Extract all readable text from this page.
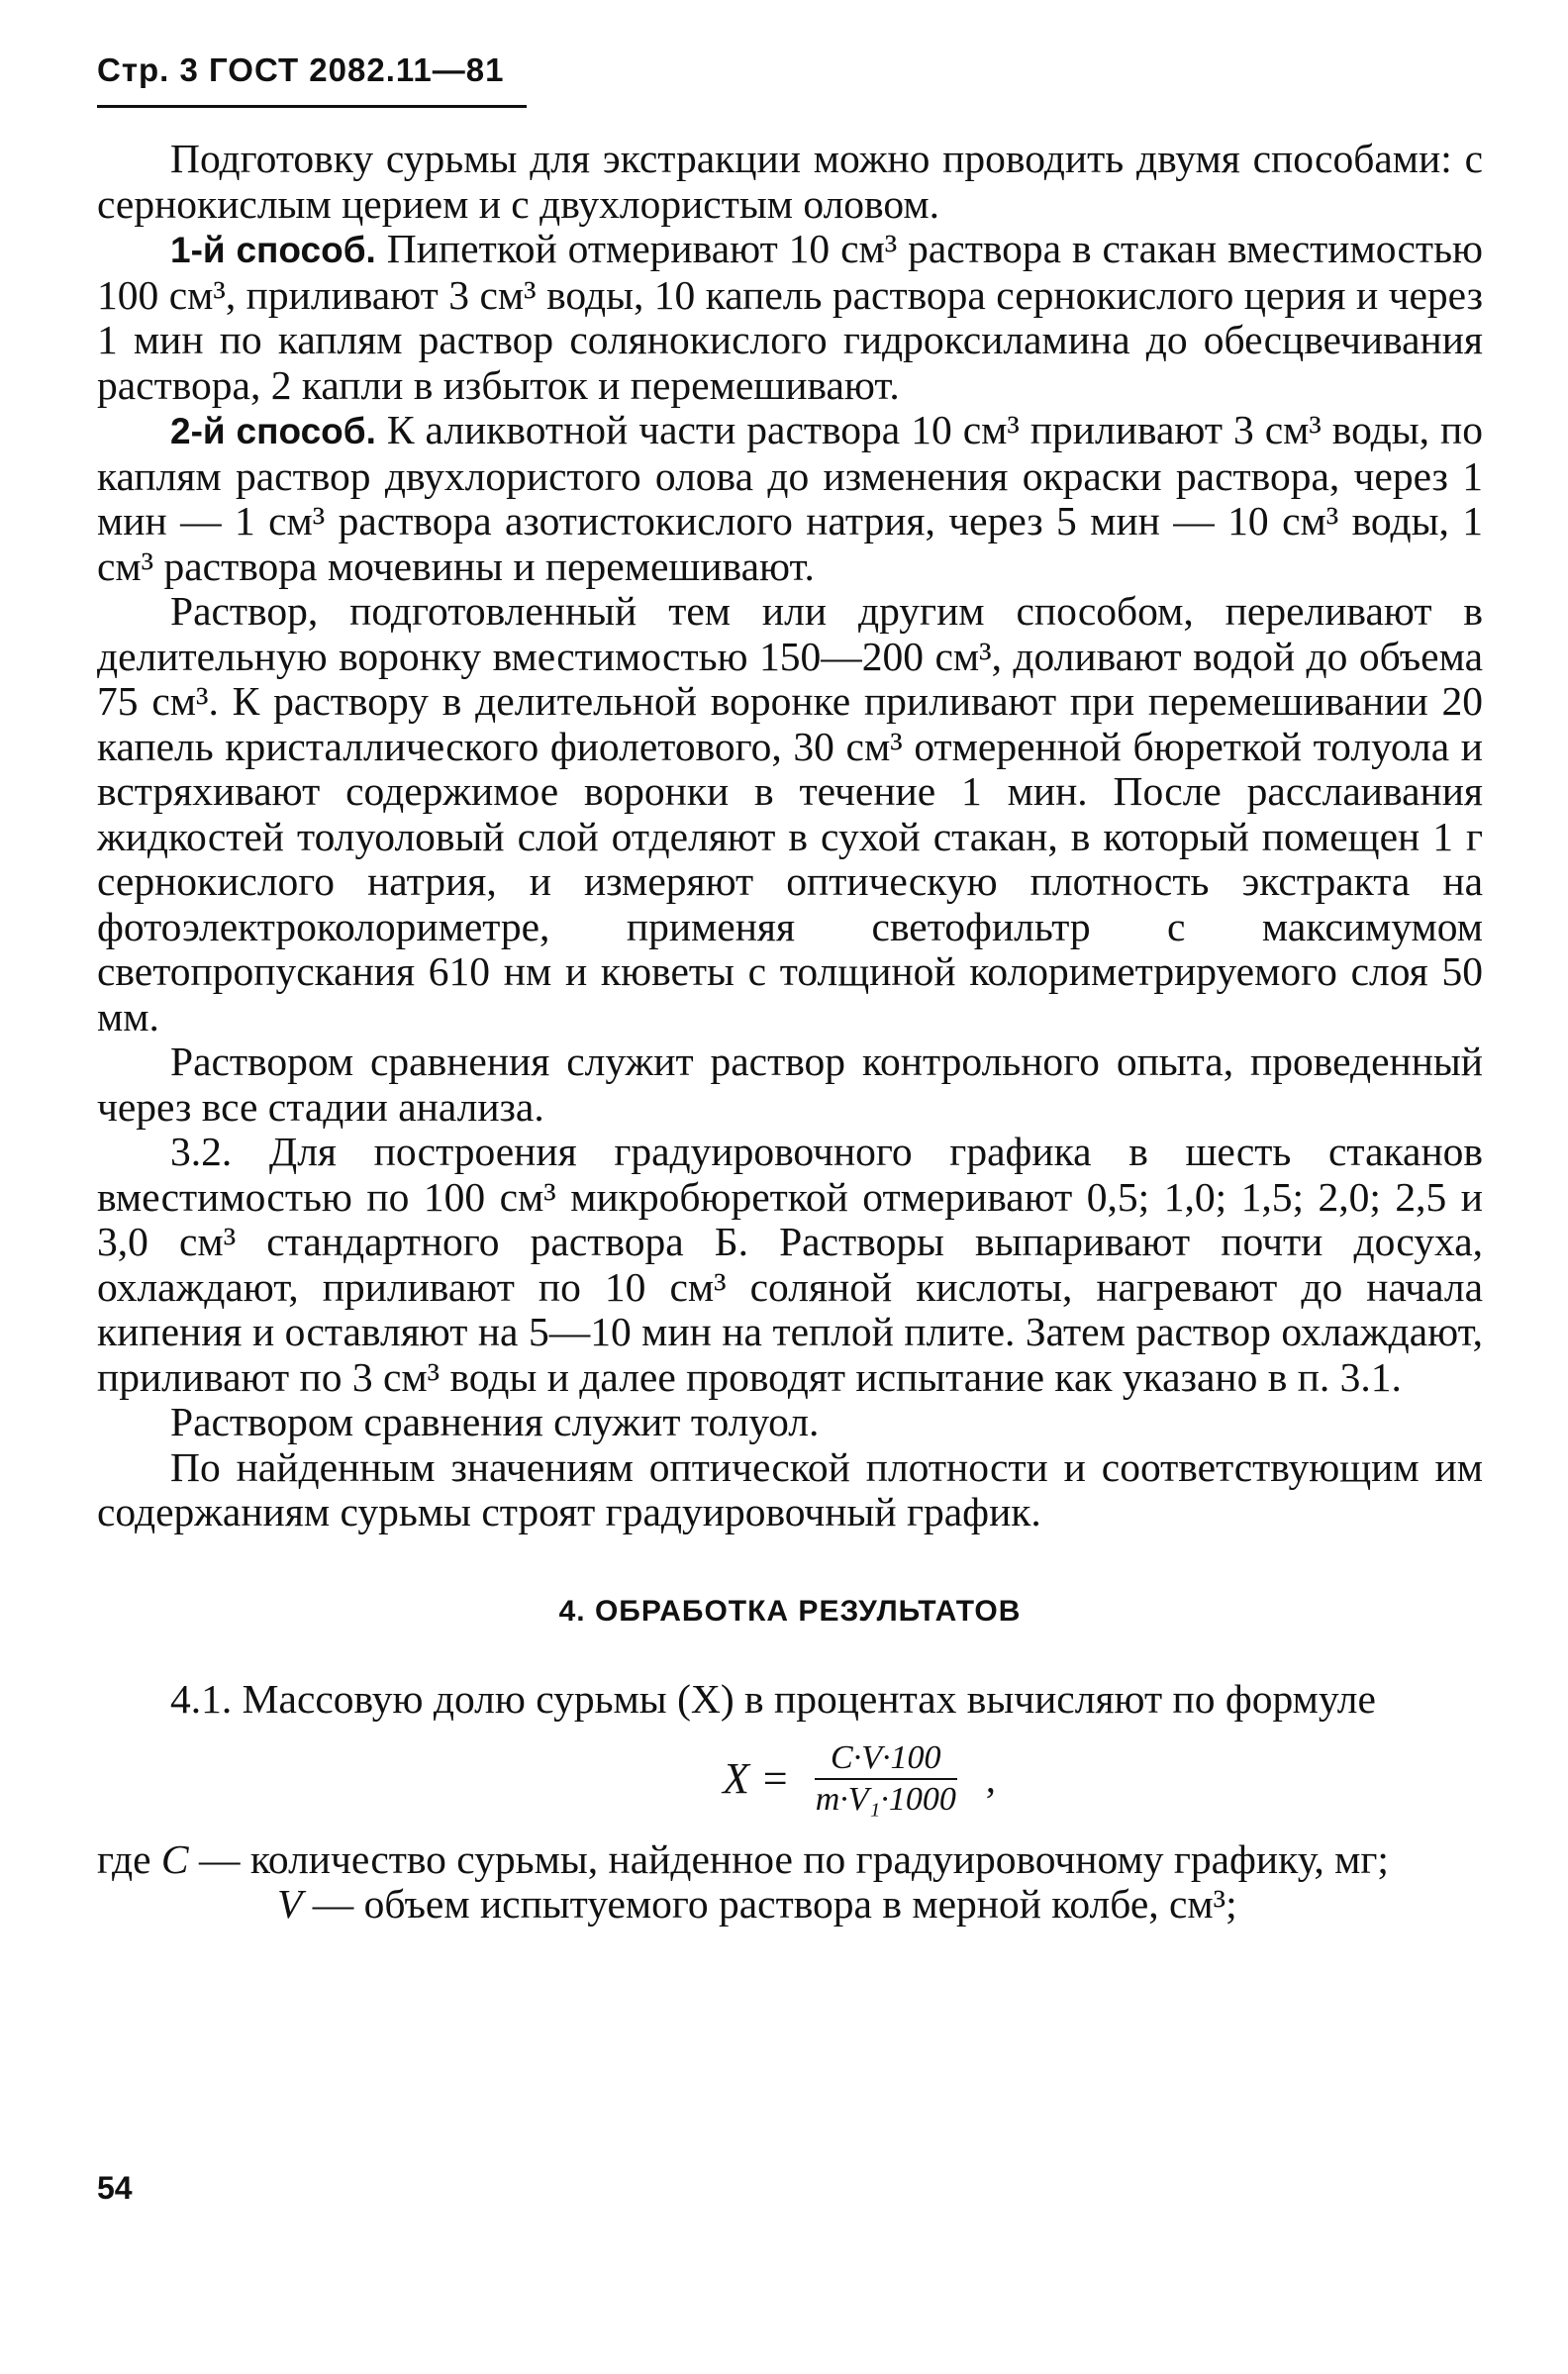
Стр. 3 ГОСТ 2082.11—81

Подготовку сурьмы для экстракции можно проводить двумя способами: с сернокислым церием и с двухлористым оловом.

1-й способ. Пипеткой отмеривают 10 см³ раствора в стакан вместимостью 100 см³, приливают 3 см³ воды, 10 капель раствора сернокислого церия и через 1 мин по каплям раствор солянокислого гидроксиламина до обесцвечивания раствора, 2 капли в избыток и перемешивают.

2-й способ. К аликвотной части раствора 10 см³ приливают 3 см³ воды, по каплям раствор двухлористого олова до изменения окраски раствора, через 1 мин — 1 см³ раствора азотистокислого натрия, через 5 мин — 10 см³ воды, 1 см³ раствора мочевины и перемешивают.

Раствор, подготовленный тем или другим способом, переливают в делительную воронку вместимостью 150—200 см³, доливают водой до объема 75 см³. К раствору в делительной воронке приливают при перемешивании 20 капель кристаллического фиолетового, 30 см³ отмеренной бюреткой толуола и встряхивают содержимое воронки в течение 1 мин. После расслаивания жидкостей толуоловый слой отделяют в сухой стакан, в который помещен 1 г сернокислого натрия, и измеряют оптическую плотность экстракта на фотоэлектроколориметре, применяя светофильтр с максимумом светопропускания 610 нм и кюветы с толщиной колориметрируемого слоя 50 мм.

Раствором сравнения служит раствор контрольного опыта, проведенный через все стадии анализа.

3.2. Для построения градуировочного графика в шесть стаканов вместимостью по 100 см³ микробюреткой отмеривают 0,5; 1,0; 1,5; 2,0; 2,5 и 3,0 см³ стандартного раствора Б. Растворы выпаривают почти досуха, охлаждают, приливают по 10 см³ соляной кислоты, нагревают до начала кипения и оставляют на 5—10 мин на теплой плите. Затем раствор охлаждают, приливают по 3 см³ воды и далее проводят испытание как указано в п. 3.1.

Раствором сравнения служит толуол.

По найденным значениям оптической плотности и соответствующим им содержаниям сурьмы строят градуировочный график.

4. ОБРАБОТКА РЕЗУЛЬТАТОВ

4.1. Массовую долю сурьмы (X) в процентах вычисляют по формуле

$X = \frac{C\cdot V\cdot 100}{\text{m·V₁·1000}}$ ,
где C — количество сурьмы, найденное по градуировочному графику, мг;
V — объем испытуемого раствора в мерной колбе, см³;
54
